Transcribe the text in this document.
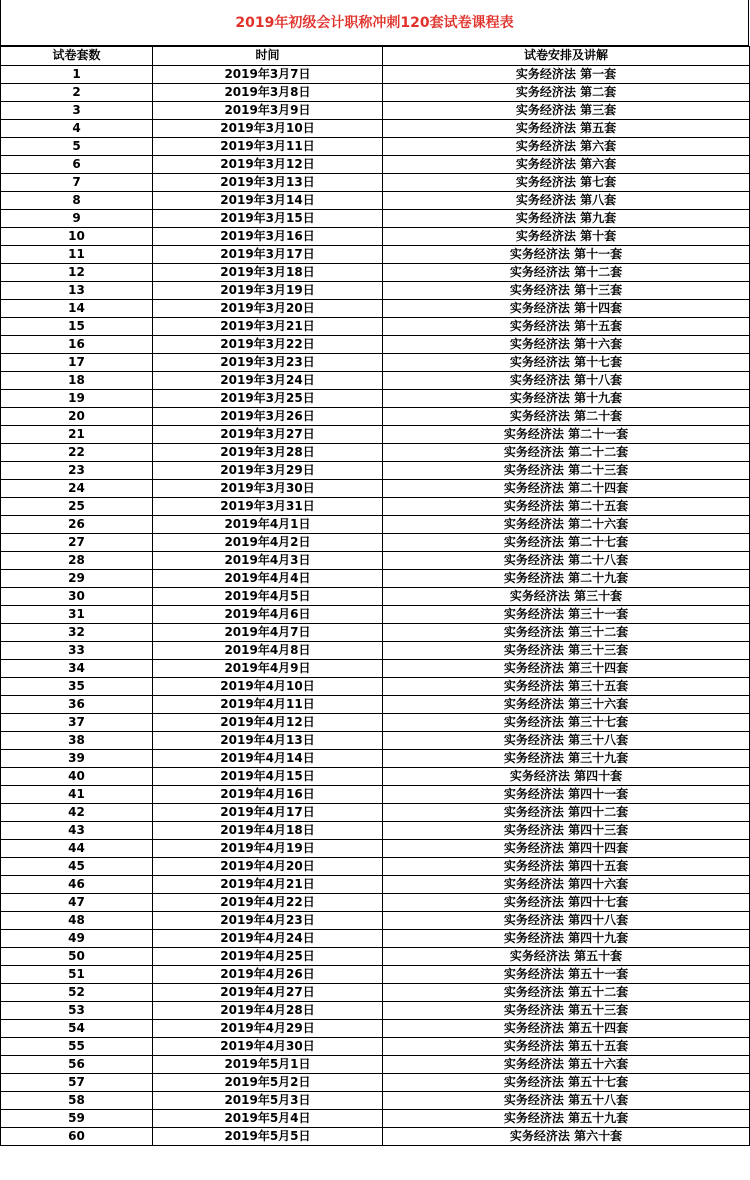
2019年初级会计职称冲刺120套试卷课程表
试卷套数	时间	试卷安排及讲解
1	2019年3月7日	实务经济法 第一套
2	2019年3月8日	实务经济法 第二套
3	2019年3月9日	实务经济法 第三套
4	2019年3月10日	实务经济法 第五套
5	2019年3月11日	实务经济法 第六套
6	2019年3月12日	实务经济法 第六套
7	2019年3月13日	实务经济法 第七套
8	2019年3月14日	实务经济法 第八套
9	2019年3月15日	实务经济法 第九套
10	2019年3月16日	实务经济法 第十套
11	2019年3月17日	实务经济法 第十一套
12	2019年3月18日	实务经济法 第十二套
13	2019年3月19日	实务经济法 第十三套
14	2019年3月20日	实务经济法 第十四套
15	2019年3月21日	实务经济法 第十五套
16	2019年3月22日	实务经济法 第十六套
17	2019年3月23日	实务经济法 第十七套
18	2019年3月24日	实务经济法 第十八套
19	2019年3月25日	实务经济法 第十九套
20	2019年3月26日	实务经济法 第二十套
21	2019年3月27日	实务经济法 第二十一套
22	2019年3月28日	实务经济法 第二十二套
23	2019年3月29日	实务经济法 第二十三套
24	2019年3月30日	实务经济法 第二十四套
25	2019年3月31日	实务经济法 第二十五套
26	2019年4月1日	实务经济法 第二十六套
27	2019年4月2日	实务经济法 第二十七套
28	2019年4月3日	实务经济法 第二十八套
29	2019年4月4日	实务经济法 第二十九套
30	2019年4月5日	实务经济法 第三十套
31	2019年4月6日	实务经济法 第三十一套
32	2019年4月7日	实务经济法 第三十二套
33	2019年4月8日	实务经济法 第三十三套
34	2019年4月9日	实务经济法 第三十四套
35	2019年4月10日	实务经济法 第三十五套
36	2019年4月11日	实务经济法 第三十六套
37	2019年4月12日	实务经济法 第三十七套
38	2019年4月13日	实务经济法 第三十八套
39	2019年4月14日	实务经济法 第三十九套
40	2019年4月15日	实务经济法 第四十套
41	2019年4月16日	实务经济法 第四十一套
42	2019年4月17日	实务经济法 第四十二套
43	2019年4月18日	实务经济法 第四十三套
44	2019年4月19日	实务经济法 第四十四套
45	2019年4月20日	实务经济法 第四十五套
46	2019年4月21日	实务经济法 第四十六套
47	2019年4月22日	实务经济法 第四十七套
48	2019年4月23日	实务经济法 第四十八套
49	2019年4月24日	实务经济法 第四十九套
50	2019年4月25日	实务经济法 第五十套
51	2019年4月26日	实务经济法 第五十一套
52	2019年4月27日	实务经济法 第五十二套
53	2019年4月28日	实务经济法 第五十三套
54	2019年4月29日	实务经济法 第五十四套
55	2019年4月30日	实务经济法 第五十五套
56	2019年5月1日	实务经济法 第五十六套
57	2019年5月2日	实务经济法 第五十七套
58	2019年5月3日	实务经济法 第五十八套
59	2019年5月4日	实务经济法 第五十九套
60	2019年5月5日	实务经济法 第六十套
